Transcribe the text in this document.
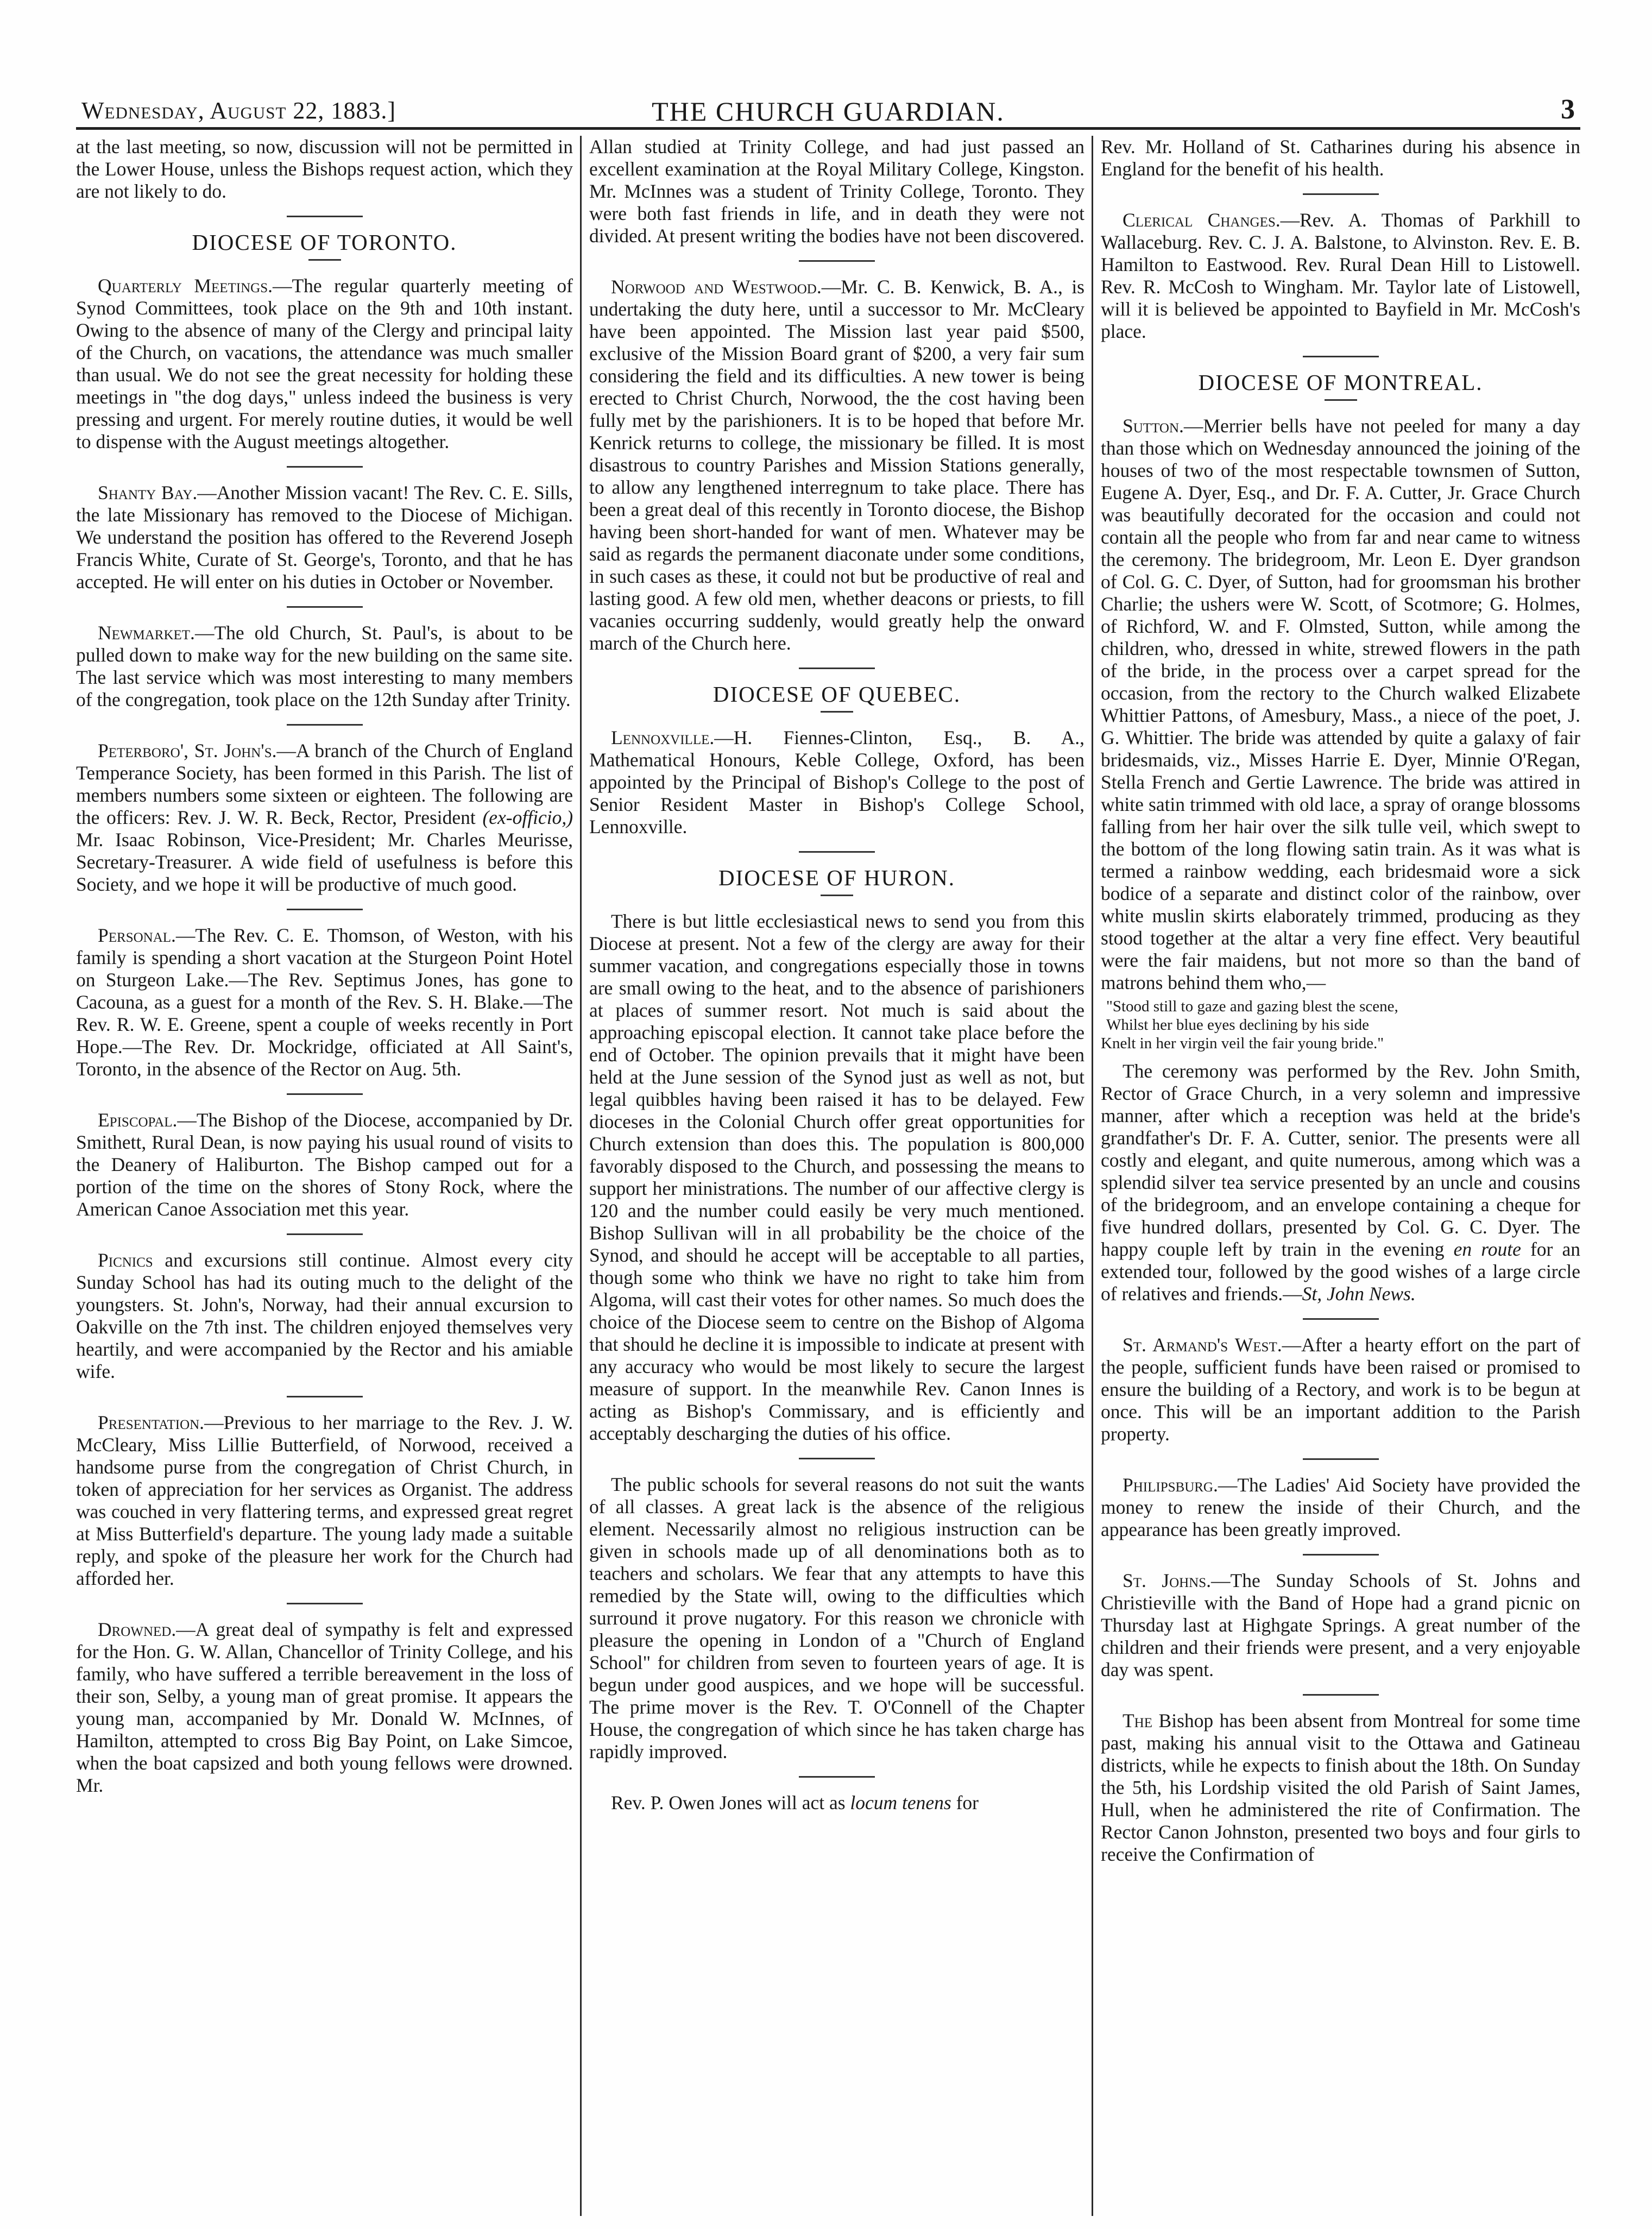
Wednesday, August 22, 1883.]	THE CHURCH GUARDIAN.	3

at the last meeting, so now, discussion will not be permitted in the Lower House, unless the Bishops request action, which they are not likely to do.

DIOCESE OF TORONTO.

Quarterly Meetings.—The regular quarterly meeting of Synod Committees, took place on the 9th and 10th instant. Owing to the absence of many of the Clergy and principal laity of the Church, on vacations, the attendance was much smaller than usual. We do not see the great necessity for holding these meetings in "the dog days," unless indeed the business is very pressing and urgent. For merely routine duties, it would be well to dispense with the August meetings altogether.

Shanty Bay.—Another Mission vacant! The Rev. C. E. Sills, the late Missionary has removed to the Diocese of Michigan. We understand the position has offered to the Reverend Joseph Francis White, Curate of St. George's, Toronto, and that he has accepted. He will enter on his duties in October or November.

Newmarket.—The old Church, St. Paul's, is about to be pulled down to make way for the new building on the same site. The last service which was most interesting to many members of the congregation, took place on the 12th Sunday after Trinity.

Peterboro', St. John's.—A branch of the Church of England Temperance Society, has been formed in this Parish. The list of members numbers some sixteen or eighteen. The following are the officers: Rev. J. W. R. Beck, Rector, President (ex-officio,) Mr. Isaac Robinson, Vice-President; Mr. Charles Meurisse, Secretary-Treasurer. A wide field of usefulness is before this Society, and we hope it will be productive of much good.

Personal.—The Rev. C. E. Thomson, of Weston, with his family is spending a short vacation at the Sturgeon Point Hotel on Sturgeon Lake.—The Rev. Septimus Jones, has gone to Cacouna, as a guest for a month of the Rev. S. H. Blake.—The Rev. R. W. E. Greene, spent a couple of weeks recently in Port Hope.—The Rev. Dr. Mockridge, officiated at All Saint's, Toronto, in the absence of the Rector on Aug. 5th.

Episcopal.—The Bishop of the Diocese, accompanied by Dr. Smithett, Rural Dean, is now paying his usual round of visits to the Deanery of Haliburton. The Bishop camped out for a portion of the time on the shores of Stony Rock, where the American Canoe Association met this year.

Picnics and excursions still continue. Almost every city Sunday School has had its outing much to the delight of the youngsters. St. John's, Norway, had their annual excursion to Oakville on the 7th inst. The children enjoyed themselves very heartily, and were accompanied by the Rector and his amiable wife.

Presentation.—Previous to her marriage to the Rev. J. W. McCleary, Miss Lillie Butterfield, of Norwood, received a handsome purse from the congregation of Christ Church, in token of appreciation for her services as Organist. The address was couched in very flattering terms, and expressed great regret at Miss Butterfield's departure. The young lady made a suitable reply, and spoke of the pleasure her work for the Church had afforded her.

Drowned.—A great deal of sympathy is felt and expressed for the Hon. G. W. Allan, Chancellor of Trinity College, and his family, who have suffered a terrible bereavement in the loss of their son, Selby, a young man of great promise. It appears the young man, accompanied by Mr. Donald W. McInnes, of Hamilton, attempted to cross Big Bay Point, on Lake Simcoe, when the boat capsized and both young fellows were drowned. Mr.

Allan studied at Trinity College, and had just passed an excellent examination at the Royal Military College, Kingston. Mr. McInnes was a student of Trinity College, Toronto. They were both fast friends in life, and in death they were not divided. At present writing the bodies have not been discovered.

Norwood and Westwood.—Mr. C. B. Kenwick, B. A., is undertaking the duty here, until a successor to Mr. McCleary have been appointed. The Mission last year paid $500, exclusive of the Mission Board grant of $200, a very fair sum considering the field and its difficulties. A new tower is being erected to Christ Church, Norwood, the the cost having been fully met by the parishioners. It is to be hoped that before Mr. Kenrick returns to college, the missionary be filled. It is most disastrous to country Parishes and Mission Stations generally, to allow any lengthened interregnum to take place. There has been a great deal of this recently in Toronto diocese, the Bishop having been short-handed for want of men. Whatever may be said as regards the permanent diaconate under some conditions, in such cases as these, it could not but be productive of real and lasting good. A few old men, whether deacons or priests, to fill vacanies occurring suddenly, would greatly help the onward march of the Church here.

DIOCESE OF QUEBEC.

Lennoxville.—H. Fiennes-Clinton, Esq., B. A., Mathematical Honours, Keble College, Oxford, has been appointed by the Principal of Bishop's College to the post of Senior Resident Master in Bishop's College School, Lennoxville.

DIOCESE OF HURON.

There is but little ecclesiastical news to send you from this Diocese at present. Not a few of the clergy are away for their summer vacation, and congregations especially those in towns are small owing to the heat, and to the absence of parishioners at places of summer resort. Not much is said about the approaching episcopal election. It cannot take place before the end of October. The opinion prevails that it might have been held at the June session of the Synod just as well as not, but legal quibbles having been raised it has to be delayed. Few dioceses in the Colonial Church offer great opportunities for Church extension than does this. The population is 800,000 favorably disposed to the Church, and possessing the means to support her ministrations. The number of our affective clergy is 120 and the number could easily be very much mentioned. Bishop Sullivan will in all probability be the choice of the Synod, and should he accept will be acceptable to all parties, though some who think we have no right to take him from Algoma, will cast their votes for other names. So much does the choice of the Diocese seem to centre on the Bishop of Algoma that should he decline it is impossible to indicate at present with any accuracy who would be most likely to secure the largest measure of support. In the meanwhile Rev. Canon Innes is acting as Bishop's Commissary, and is efficiently and acceptably descharging the duties of his office.

The public schools for several reasons do not suit the wants of all classes. A great lack is the absence of the religious element. Necessarily almost no religious instruction can be given in schools made up of all denominations both as to teachers and scholars. We fear that any attempts to have this remedied by the State will, owing to the difficulties which surround it prove nugatory. For this reason we chronicle with pleasure the opening in London of a "Church of England School" for children from seven to fourteen years of age. It is begun under good auspices, and we hope will be successful. The prime mover is the Rev. T. O'Connell of the Chapter House, the congregation of which since he has taken charge has rapidly improved.

Rev. P. Owen Jones will act as locum tenens for

Rev. Mr. Holland of St. Catharines during his absence in England for the benefit of his health.

Clerical Changes.—Rev. A. Thomas of Parkhill to Wallaceburg. Rev. C. J. A. Balstone, to Alvinston. Rev. E. B. Hamilton to Eastwood. Rev. Rural Dean Hill to Listowell. Rev. R. McCosh to Wingham. Mr. Taylor late of Listowell, will it is believed be appointed to Bayfield in Mr. McCosh's place.

DIOCESE OF MONTREAL.

Sutton.—Merrier bells have not peeled for many a day than those which on Wednesday announced the joining of the houses of two of the most respectable townsmen of Sutton, Eugene A. Dyer, Esq., and Dr. F. A. Cutter, Jr. Grace Church was beautifully decorated for the occasion and could not contain all the people who from far and near came to witness the ceremony. The bridegroom, Mr. Leon E. Dyer grandson of Col. G. C. Dyer, of Sutton, had for groomsman his brother Charlie; the ushers were W. Scott, of Scotmore; G. Holmes, of Richford, W. and F. Olmsted, Sutton, while among the children, who, dressed in white, strewed flowers in the path of the bride, in the process over a carpet spread for the occasion, from the rectory to the Church walked Elizabete Whittier Pattons, of Amesbury, Mass., a niece of the poet, J. G. Whittier. The bride was attended by quite a galaxy of fair bridesmaids, viz., Misses Harrie E. Dyer, Minnie O'Regan, Stella French and Gertie Lawrence. The bride was attired in white satin trimmed with old lace, a spray of orange blossoms falling from her hair over the silk tulle veil, which swept to the bottom of the long flowing satin train. As it was what is termed a rainbow wedding, each bridesmaid wore a sick bodice of a separate and distinct color of the rainbow, over white muslin skirts elaborately trimmed, producing as they stood together at the altar a very fine effect. Very beautiful were the fair maidens, but not more so than the band of matrons behind them who,—

"Stood still to gaze and gazing blest the scene,
Whilst her blue eyes declining by his side
Knelt in her virgin veil the fair young bride."

The ceremony was performed by the Rev. John Smith, Rector of Grace Church, in a very solemn and impressive manner, after which a reception was held at the bride's grandfather's Dr. F. A. Cutter, senior. The presents were all costly and elegant, and quite numerous, among which was a splendid silver tea service presented by an uncle and cousins of the bridegroom, and an envelope containing a cheque for five hundred dollars, presented by Col. G. C. Dyer. The happy couple left by train in the evening en route for an extended tour, followed by the good wishes of a large circle of relatives and friends.—St, John News.

St. Armand's West.—After a hearty effort on the part of the people, sufficient funds have been raised or promised to ensure the building of a Rectory, and work is to be begun at once. This will be an important addition to the Parish property.

Philipsburg.—The Ladies' Aid Society have provided the money to renew the inside of their Church, and the appearance has been greatly improved.

St. Johns.—The Sunday Schools of St. Johns and Christieville with the Band of Hope had a grand picnic on Thursday last at Highgate Springs. A great number of the children and their friends were present, and a very enjoyable day was spent.

The Bishop has been absent from Montreal for some time past, making his annual visit to the Ottawa and Gatineau districts, while he expects to finish about the 18th. On Sunday the 5th, his Lordship visited the old Parish of Saint James, Hull, when he administered the rite of Confirmation. The Rector Canon Johnston, presented two boys and four girls to receive the Confirmation of
